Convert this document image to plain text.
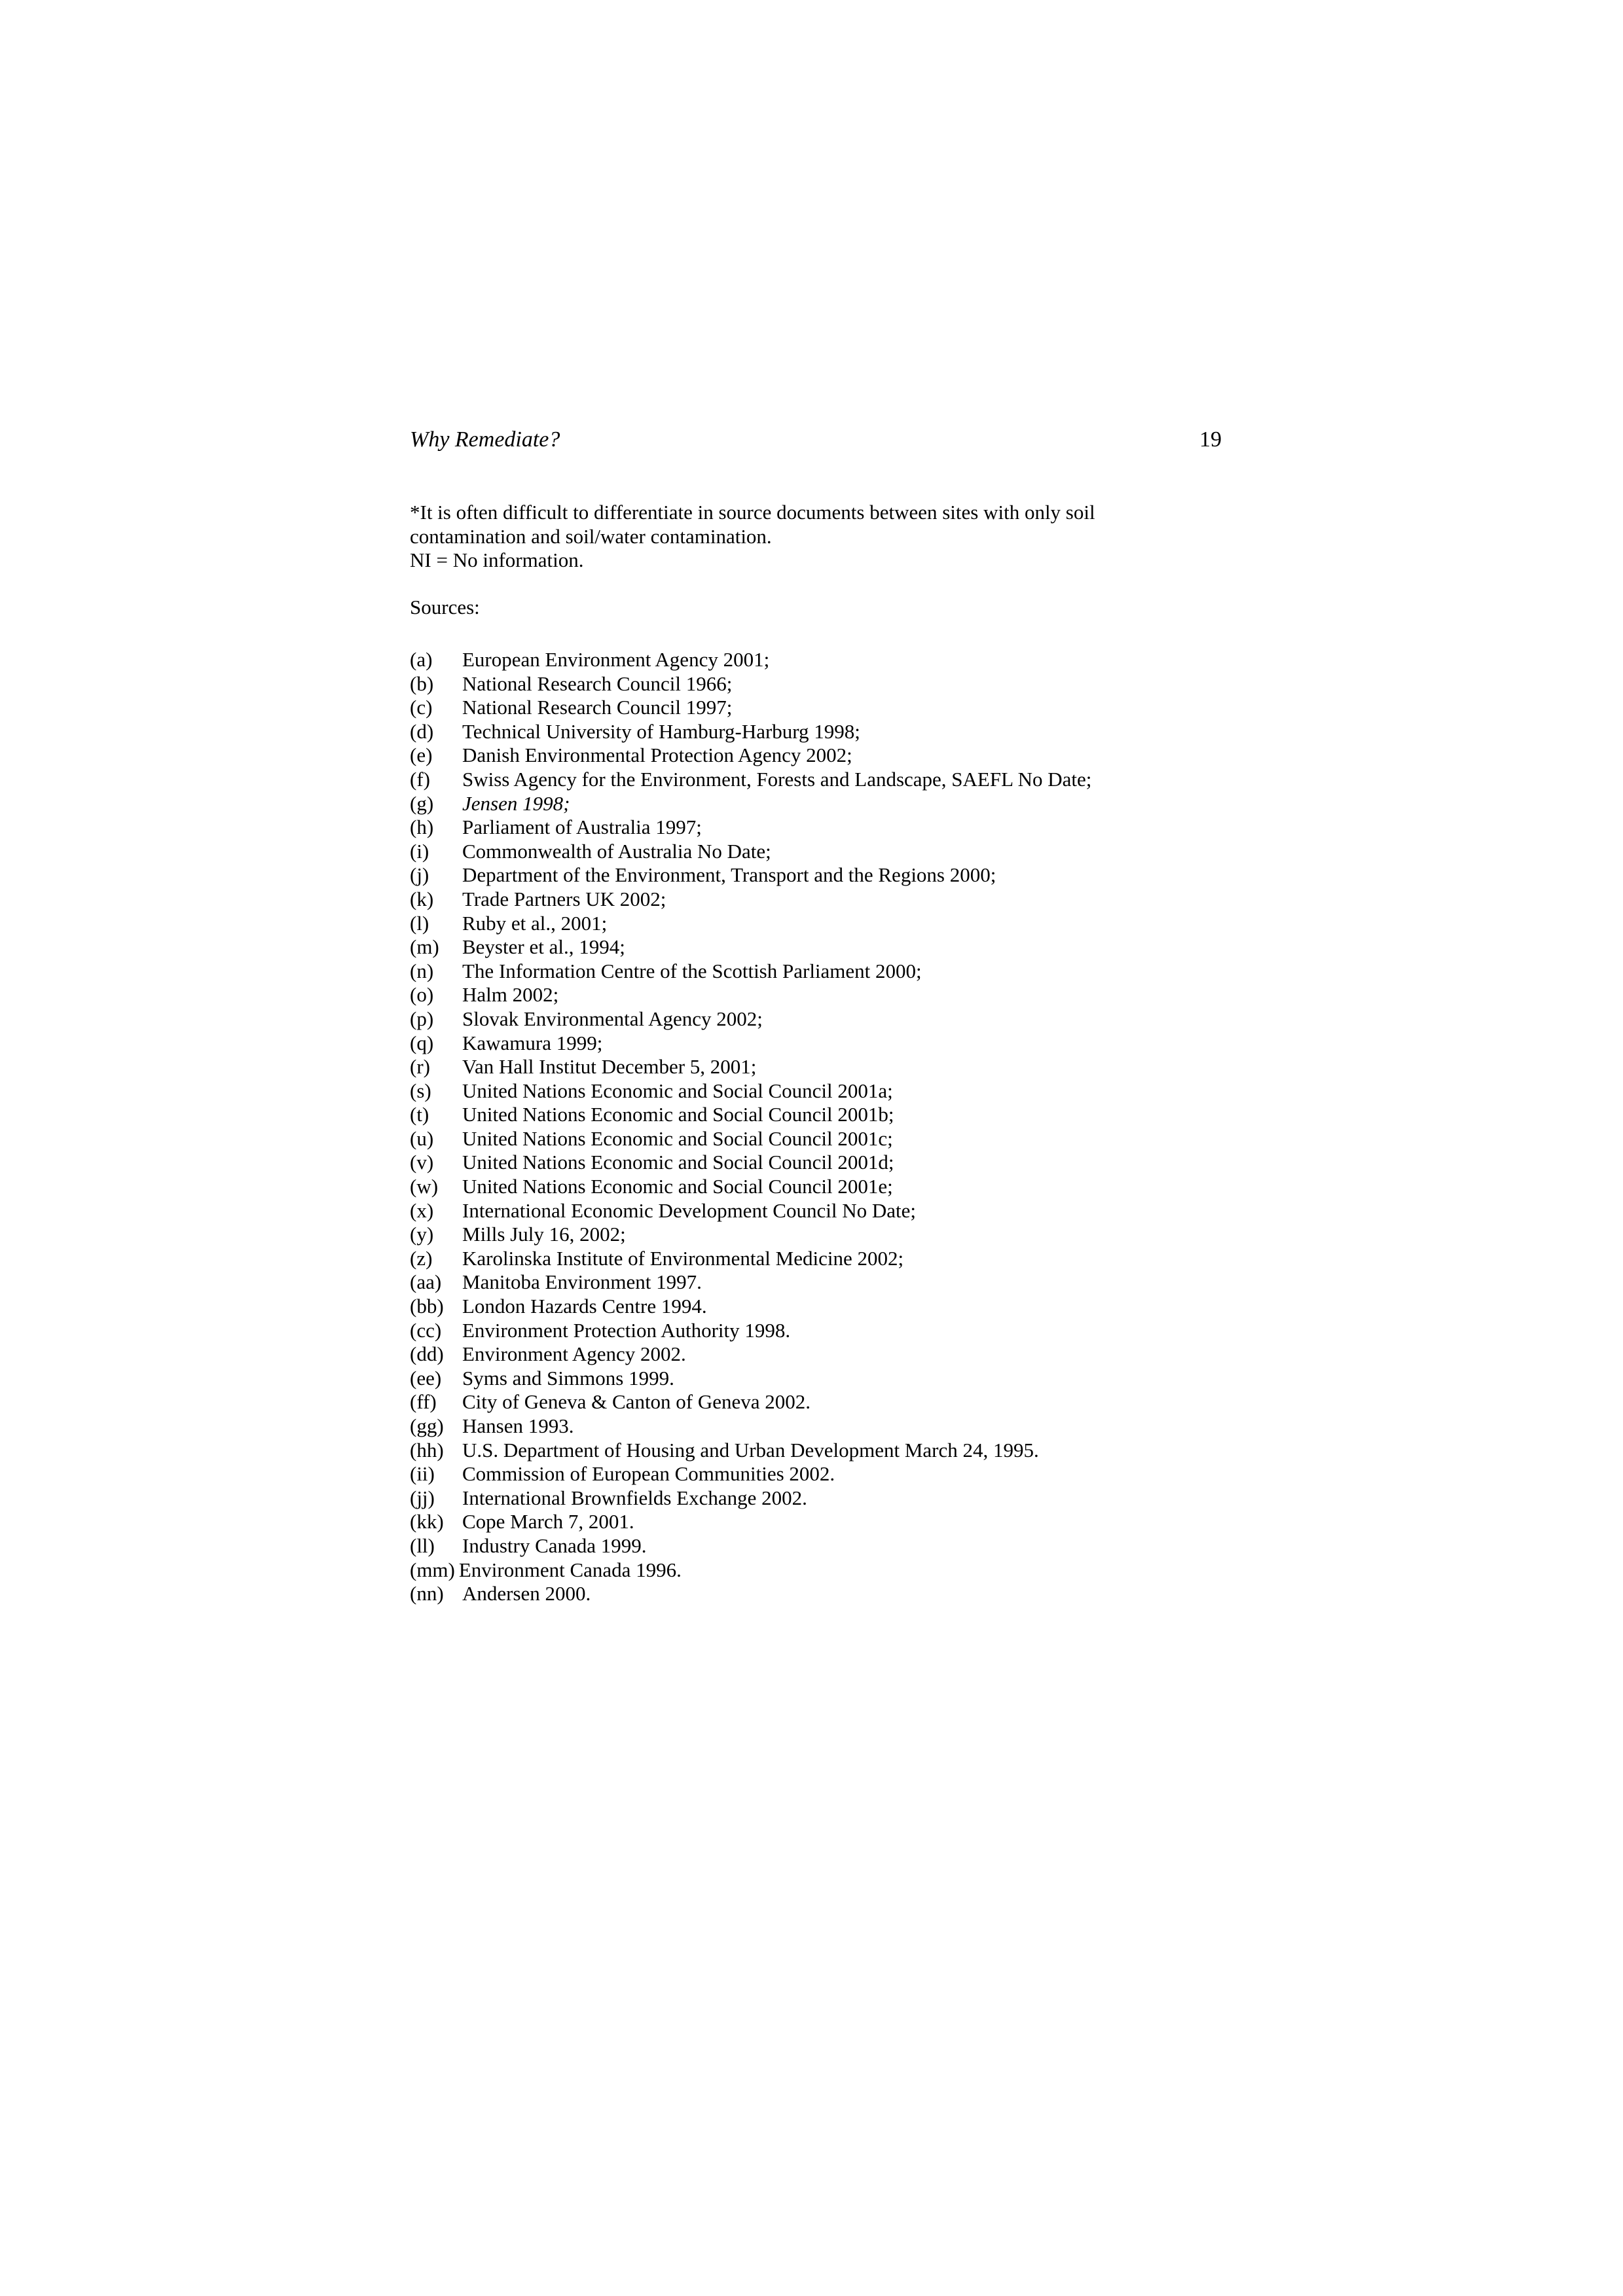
Why Remediate?	19

*It is often difficult to differentiate in source documents between sites with only soil contamination and soil/water contamination.

NI = No information.

Sources:

(a)	European Environment Agency 2001;
(b)	National Research Council 1966;
(c)	National Research Council 1997;
(d)	Technical University of Hamburg-Harburg 1998;
(e)	Danish Environmental Protection Agency 2002;
(f)	Swiss Agency for the Environment, Forests and Landscape, SAEFL No Date;
(g)	Jensen 1998;
(h)	Parliament of Australia 1997;
(i)	Commonwealth of Australia No Date;
(j)	Department of the Environment, Transport and the Regions 2000;
(k)	Trade Partners UK 2002;
(l)	Ruby et al., 2001;
(m)	Beyster et al., 1994;
(n)	The Information Centre of the Scottish Parliament 2000;
(o)	Halm 2002;
(p)	Slovak Environmental Agency 2002;
(q)	Kawamura 1999;
(r)	Van Hall Institut December 5, 2001;
(s)	United Nations Economic and Social Council 2001a;
(t)	United Nations Economic and Social Council 2001b;
(u)	United Nations Economic and Social Council 2001c;
(v)	United Nations Economic and Social Council 2001d;
(w)	United Nations Economic and Social Council 2001e;
(x)	International Economic Development Council No Date;
(y)	Mills July 16, 2002;
(z)	Karolinska Institute of Environmental Medicine 2002;
(aa)	Manitoba Environment 1997.
(bb) London Hazards Centre 1994.
(cc)	Environment Protection Authority 1998.
(dd) Environment Agency 2002.
(ee)	Syms and Simmons 1999.
(ff)	City of Geneva & Canton of Geneva 2002.
(gg) Hansen 1993.
(hh) U.S. Department of Housing and Urban Development March 24, 1995.
(ii)	Commission of European Communities 2002.
(jj)	International Brownfields Exchange 2002.
(kk) Cope March 7, 2001.
(ll)	Industry Canada 1999.
(mm) Environment Canada 1996.
(nn) Andersen 2000.
